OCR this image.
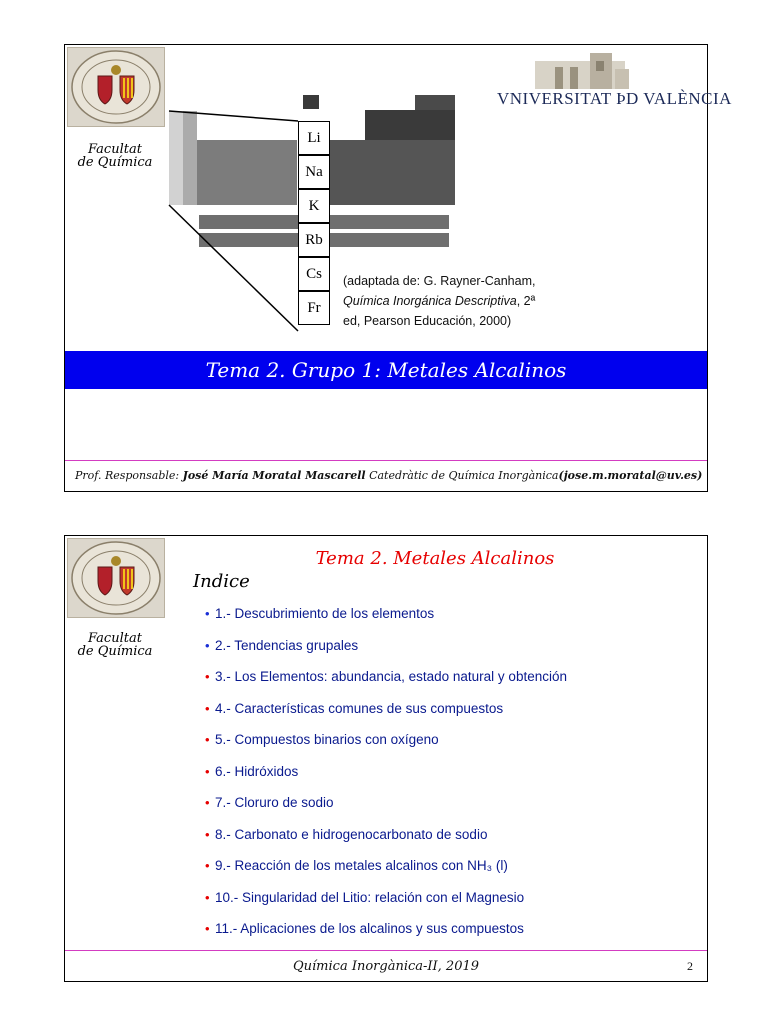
Facultat
de Química
VNIVERSITAT ÞD VALÈNCIA
Li
Na
K
Rb
Cs
Fr
(adaptada de: G. Rayner-Canham,
Química Inorgánica Descriptiva, 2ª
ed, Pearson Educación, 2000)
Tema 2. Grupo 1: Metales Alcalinos
Prof. Responsable: José María Moratal Mascarell Catedràtic de Química Inorgànica(jose.m.moratal@uv.es)
Facultat
de Química
Tema 2. Metales Alcalinos
Indice
• 1.- Descubrimiento de los elementos
• 2.- Tendencias grupales
• 3.- Los Elementos: abundancia, estado natural y obtención
• 4.- Características comunes de sus compuestos
• 5.- Compuestos binarios con oxígeno
• 6.- Hidróxidos
• 7.- Cloruro de sodio
• 8.- Carbonato e hidrogenocarbonato de sodio
• 9.- Reacción de los metales alcalinos con NH₃ (l)
• 10.- Singularidad del Litio: relación con el Magnesio
• 11.- Aplicaciones de los alcalinos y sus compuestos
Química Inorgànica-II, 2019	2
